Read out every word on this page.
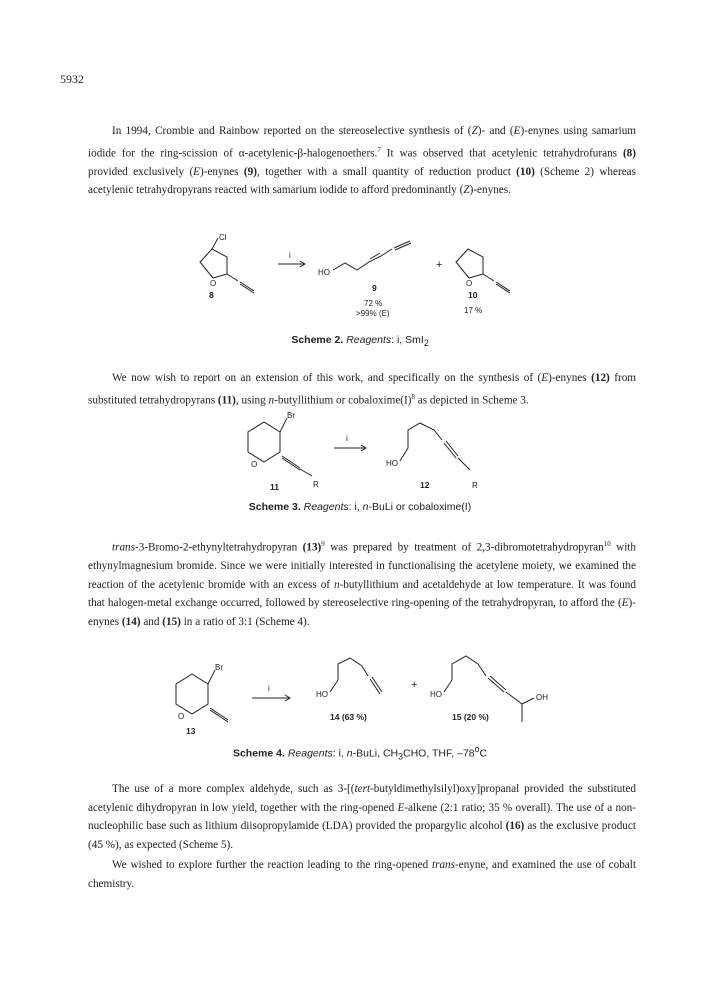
5932

In 1994, Crombie and Rainbow reported on the stereoselective synthesis of (Z)- and (E)-enynes using samarium iodide for the ring-scission of α-acetylenic-β-halogenoethers.$^7$ It was observed that acetylenic tetrahydrofurans (8) provided exclusively (E)-enynes (9), together with a small quantity of reduction product (10) (Scheme 2) whereas acetylenic tetrahydropyrans reacted with samarium iodide to afford predominantly (Z)-enynes.

Cl
O
8
i
HO
9
72 %
>99% (E)
+
O
10
17 %
Scheme 2. Reagents: i, SmI$_2$

We now wish to report on an extension of this work, and specifically on the synthesis of (E)-enynes (12) from substituted tetrahydropyrans (11), using n-butyllithium or $cobaloxime(I)^8$ as depicted in Scheme 3.

Br
O
R
11
i
HO
R
12
Scheme 3. Reagents: i, n-BuLi or cobaloxime(I)

trans-3-Bromo-2-ethynyltetrahydropyran $(13)^9$ was prepared by treatment of 2,3-dibromotetrahydropyran$^{10}$ with ethynylmagnesium bromide. Since we were initially interested in functionalising the acetylene moiety, we examined the reaction of the acetylenic bromide with an excess of n-butyllithium and acetaldehyde at low temperature. It was found that halogen-metal exchange occurred, followed by stereoselective ring-opening of the tetrahydropyran, to afford the (E)-enynes (14) and (15) in a ratio of 3:1 (Scheme 4).

Br
O
13
i
HO
14 (63 %)
+
HO	OH
15 (20 %)
Scheme 4. Reagents: i, n-BuLi, $CH_3CHO$, THF, –78$^o$C

The use of a more complex aldehyde, such as 3-[(tert-butyldimethylsilyl)oxy]propanal provided the substituted acetylenic dihydropyran in low yield, together with the ring-opened E-alkene (2:1 ratio; 35 % overall). The use of a non-nucleophilic base such as lithium diisopropylamide (LDA) provided the propargylic alcohol (16) as the exclusive product (45 %), as expected (Scheme 5).

We wished to explore further the reaction leading to the ring-opened trans-enyne, and examined the use of cobalt chemistry.
